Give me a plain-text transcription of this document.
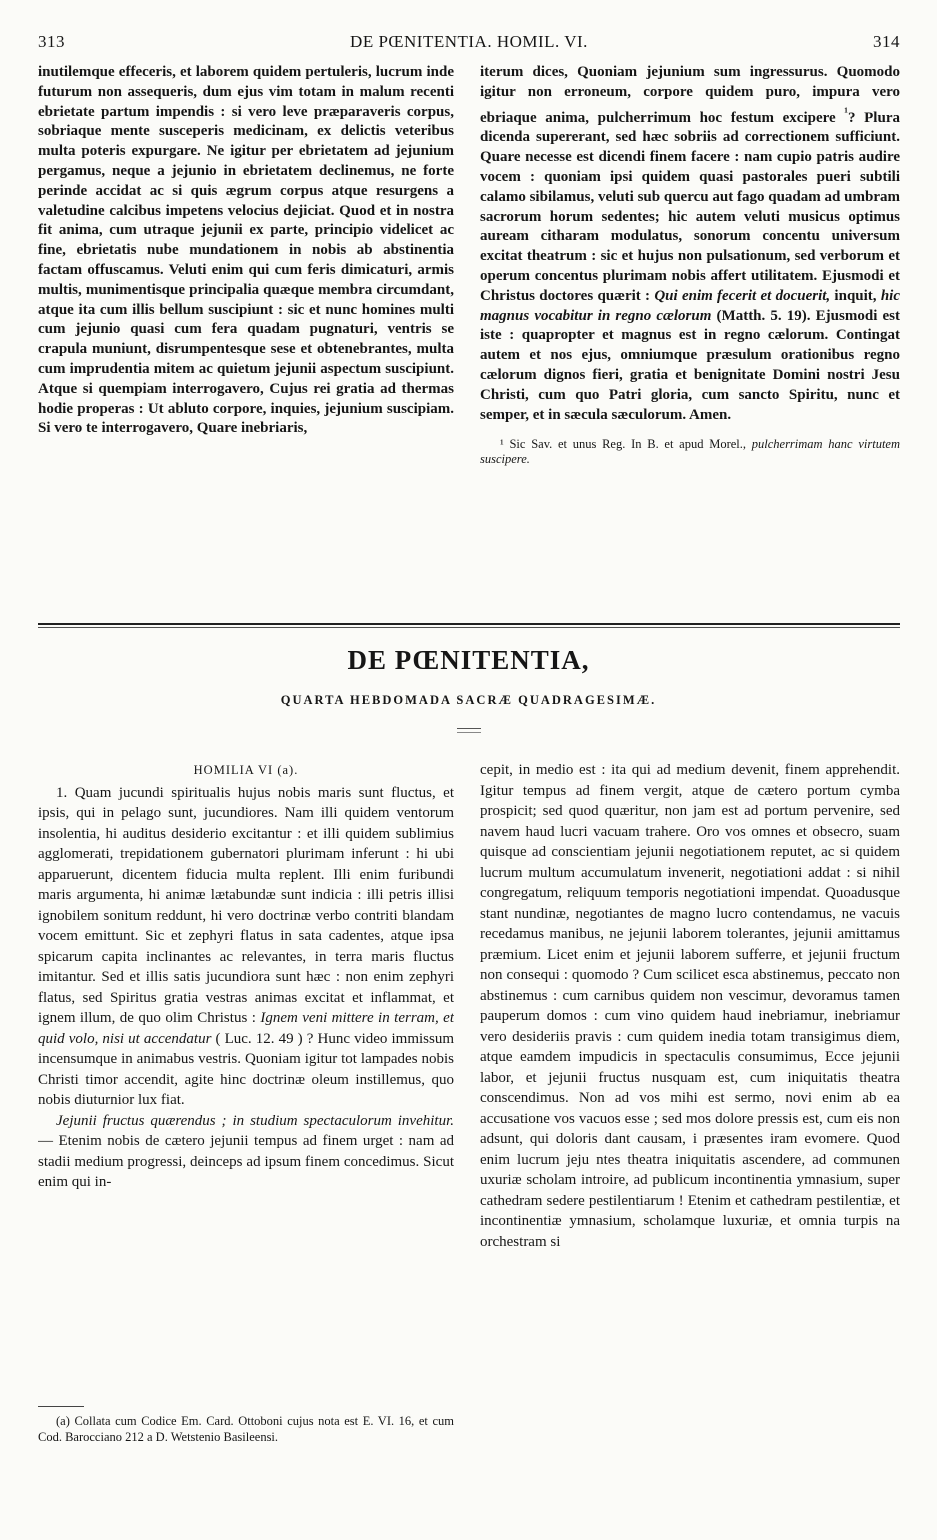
313	DE PŒNITENTIA. HOMIL. VI.	314

inutilemque effeceris, et laborem quidem pertuleris, lucrum inde futurum non assequeris, dum ejus vim totam in malum recenti ebrietate partum impendis : si vero leve præparaveris corpus, sobriaque mente susceperis medicinam, ex delictis veteribus multa poteris expurgare. Ne igitur per ebrietatem ad jejunium pergamus, neque a jejunio in ebrietatem declinemus, ne forte perinde accidat ac si quis ægrum corpus atque resurgens a valetudine calcibus impetens velocius dejiciat. Quod et in nostra fit anima, cum utraque jejunii ex parte, principio videlicet ac fine, ebrietatis nube mundationem in nobis ab abstinentia factam offuscamus. Veluti enim qui cum feris dimicaturi, armis multis, munimentisque principalia quæque membra circumdant, atque ita cum illis bellum suscipiunt : sic et nunc homines multi cum jejunio quasi cum fera quadam pugnaturi, ventris se crapula muniunt, disrumpentesque sese et obtenebrantes, multa cum imprudentia mitem ac quietum jejunii aspectum suscipiunt. Atque si quempiam interrogavero, Cujus rei gratia ad thermas hodie properas : Ut abluto corpore, inquies, jejunium suscipiam. Si vero te interrogavero, Quare inebriaris,

iterum dices, Quoniam jejunium sum ingressurus. Quomodo igitur non erroneum, corpore quidem puro, impura vero ebriaque anima, pulcherrimum hoc festum excipere $^{^1}$? Plura dicenda supererant, sed hæc sobriis ad correctionem sufficiunt. Quare necesse est dicendi finem facere : nam cupio patris audire vocem : quoniam ipsi quidem quasi pastorales pueri subtili calamo sibilamus, veluti sub quercu aut fago quadam ad umbram sacrorum horum sedentes; hic autem veluti musicus optimus auream citharam modulatus, sonorum concentu universum excitat theatrum : sic et hujus non pulsationum, sed verborum et operum concentus plurimam nobis affert utilitatem. Ejusmodi et Christus doctores quærit : Qui enim fecerit et docuerit, inquit, hic magnus vocabitur in regno cælorum (Matth. 5. 19). Ejusmodi est iste : quapropter et magnus est in regno cælorum. Contingat autem et nos ejus, omniumque præsulum orationibus regno cælorum dignos fieri, gratia et benignitate Domini nostri Jesu Christi, cum quo Patri gloria, cum sancto Spiritu, nunc et semper, et in sæcula sæculorum. Amen.

¹ Sic Sav. et unus Reg. In B. et apud Morel., pulcherrimam hanc virtutem suscipere.

DE PŒNITENTIA,
QUARTA HEBDOMADA SACRÆ QUADRAGESIMÆ.

HOMILIA VI (a).

1. Quam jucundi spiritualis hujus nobis maris sunt fluctus, et ipsis, qui in pelago sunt, jucundiores. Nam illi quidem ventorum insolentia, hi auditus desiderio excitantur : et illi quidem sublimius agglomerati, trepidationem gubernatori plurimam inferunt : hi ubi apparuerunt, dicentem fiducia multa replent. Illi enim furibundi maris argumenta, hi animæ lætabundæ sunt indicia : illi petris illisi ignobilem sonitum reddunt, hi vero doctrinæ verbo contriti blandam vocem emittunt. Sic et zephyri flatus in sata cadentes, atque ipsa spicarum capita inclinantes ac relevantes, in terra maris fluctus imitantur. Sed et illis satis jucundiora sunt hæc : non enim zephyri flatus, sed Spiritus gratia vestras animas excitat et inflammat, et ignem illum, de quo olim Christus : Ignem veni mittere in terram, et quid volo, nisi ut accendatur ( Luc. 12. 49 ) ? Hunc video immissum incensumque in animabus vestris. Quoniam igitur tot lampades nobis Christi timor accendit, agite hinc doctrinæ oleum instillemus, quo nobis diuturnior lux fiat.

Jejunii fructus quærendus ; in studium spectaculorum invehitur. — Etenim nobis de cætero jejunii tempus ad finem urget : nam ad stadii medium progressi, deinceps ad ipsum finem concedimus. Sicut enim qui in-

cepit, in medio est : ita qui ad medium devenit, finem apprehendit. Igitur tempus ad finem vergit, atque de cætero portum cymba prospicit; sed quod quæritur, non jam est ad portum pervenire, sed navem haud lucri vacuam trahere. Oro vos omnes et obsecro, suam quisque ad conscientiam jejunii negotiationem reputet, ac si quidem lucrum multum accumulatum invenerit, negotiationi addat : si nihil congregatum, reliquum temporis negotiationi impendat. Quoadusque stant nundinæ, negotiantes de magno lucro contendamus, ne vacuis recedamus manibus, ne jejunii laborem tolerantes, jejunii amittamus præmium. Licet enim et jejunii laborem sufferre, et jejunii fructum non consequi : quomodo ? Cum scilicet esca abstinemus, peccato non abstinemus : cum carnibus quidem non vescimur, devoramus tamen pauperum domos : cum vino quidem haud inebriamur, inebriamur vero desideriis pravis : cum quidem inedia totam transigimus diem, atque eamdem impudicis in spectaculis consumimus, Ecce jejunii labor, et jejunii fructus nusquam est, cum iniquitatis theatra conscendimus. Non ad vos mihi est sermo, novi enim ab ea accusatione vos vacuos esse ; sed mos dolore pressis est, cum eis non adsunt, qui doloris dant causam, i præsentes iram evomere. Quod enim lucrum jeju ntes theatra iniquitatis ascendere, ad communen uxuriæ scholam introire, ad publicum incontinentia ymnasium, super cathedram sedere pestilentiarum ! Etenim et cathedram pestilentiæ, et incontinentiæ ymnasium, scholamque luxuriæ, et omnia turpis na orchestram si

(a) Collata cum Codice Em. Card. Ottoboni cujus nota est E. VI. 16, et cum Cod. Barocciano 212 a D. Wetstenio Basileensi.
